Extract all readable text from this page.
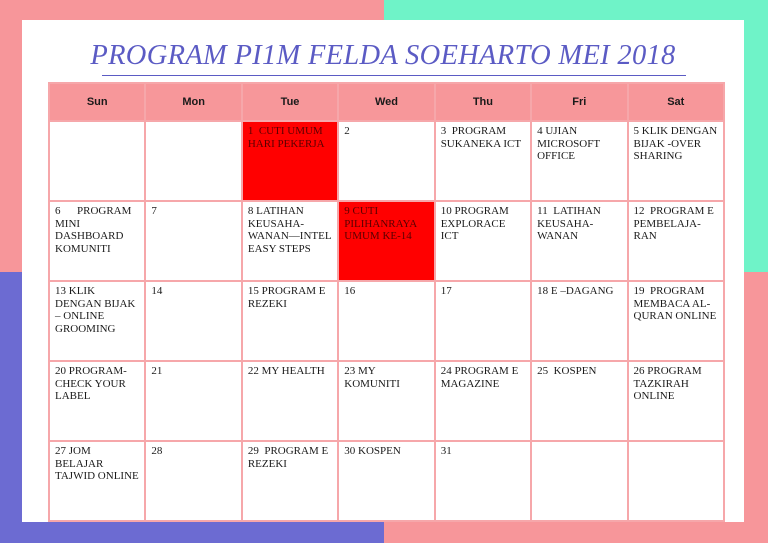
PROGRAM PI1M FELDA SOEHARTO MEI 2018
Sun	Mon	Tue	Wed	Thu	Fri	Sat

		1  CUTI UMUM HARI PEKERJA	2	3  PROGRAM SUKANEKA ICT	4 UJIAN MICROSOFT OFFICE	5 KLIK DENGAN BIJAK -OVER SHARING

6      PROGRAM MINI DASHBOARD KOMUNITI	7	8 LATIHAN KEUSAHA-WANAN—INTEL EASY STEPS	9 CUTI PILIHANRAYA UMUM KE-14	10 PROGRAM EXPLORACE ICT	11  LATIHAN KEUSAHA-WANAN	12  PROGRAM E PEMBELAJA-RAN

13 KLIK DENGAN BIJAK – ONLINE GROOMING	14	15 PROGRAM E REZEKI	16	17	18 E –DAGANG	19  PROGRAM MEMBACA AL-QURAN ONLINE

20 PROGRAM-CHECK YOUR LABEL	21	22 MY HEALTH	23 MY KOMUNITI	24 PROGRAM E MAGAZINE	25  KOSPEN	26 PROGRAM TAZKIRAH ONLINE

27 JOM BELAJAR TAJWID ONLINE	28	29  PROGRAM E REZEKI	30 KOSPEN	31		
